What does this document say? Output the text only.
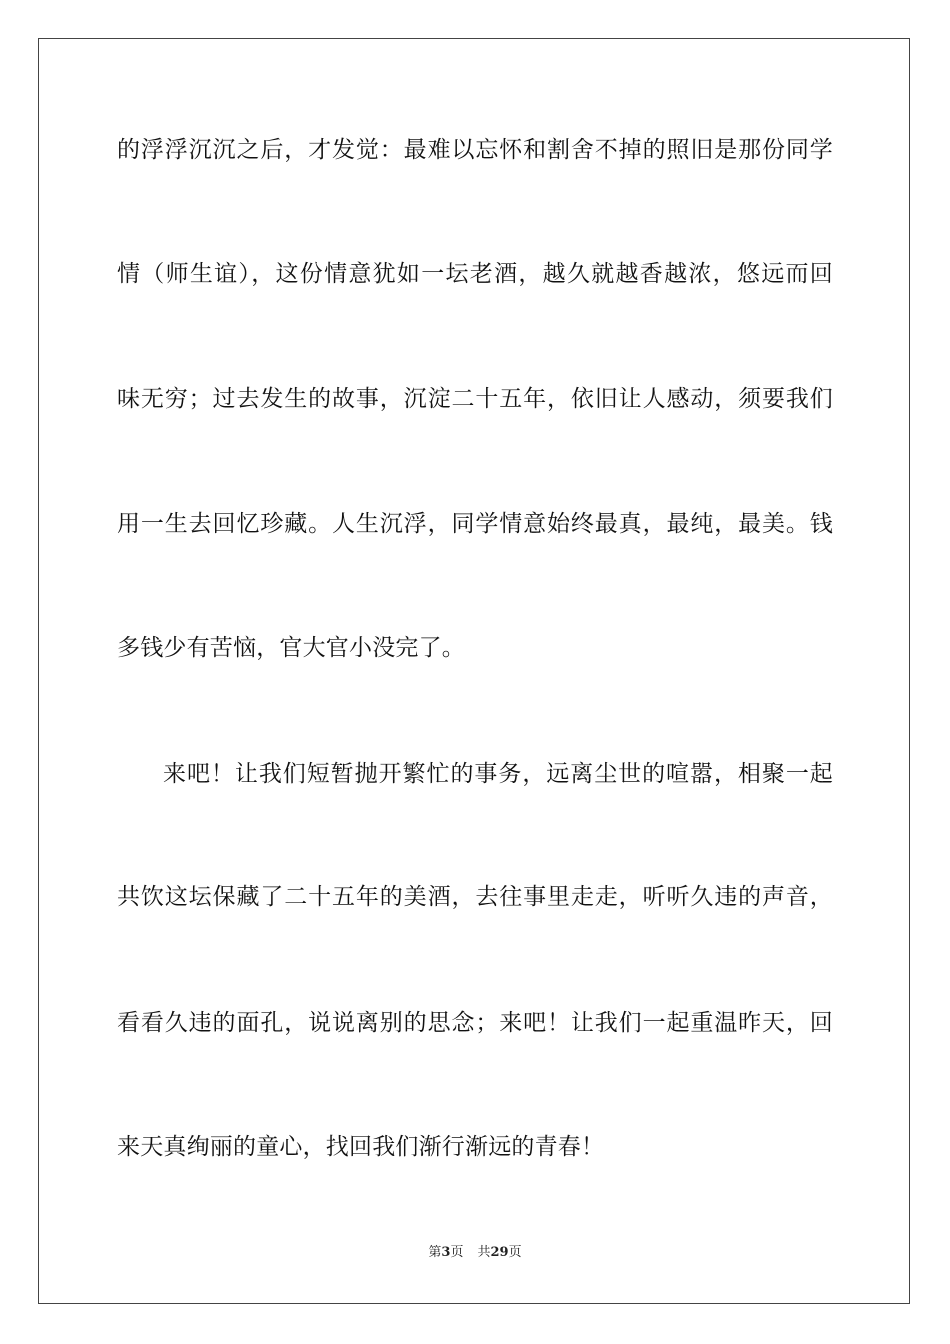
的浮浮沉沉之后，才发觉：最难以忘怀和割舍不掉的照旧是那份同学
情（师生谊），这份情意犹如一坛老酒，越久就越香越浓，悠远而回
味无穷；过去发生的故事，沉淀二十五年，依旧让人感动，须要我们
用一生去回忆珍藏。人生沉浮，同学情意始终最真，最纯，最美。钱
多钱少有苦恼，官大官小没完了。
来吧！让我们短暂抛开繁忙的事务，远离尘世的喧嚣，相聚一起
共饮这坛保藏了二十五年的美酒，去往事里走走，听听久违的声音，
看看久违的面孔，说说离别的思念；来吧！让我们一起重温昨天，回
来天真绚丽的童心，找回我们渐行渐远的青春！
第3页 共29页
